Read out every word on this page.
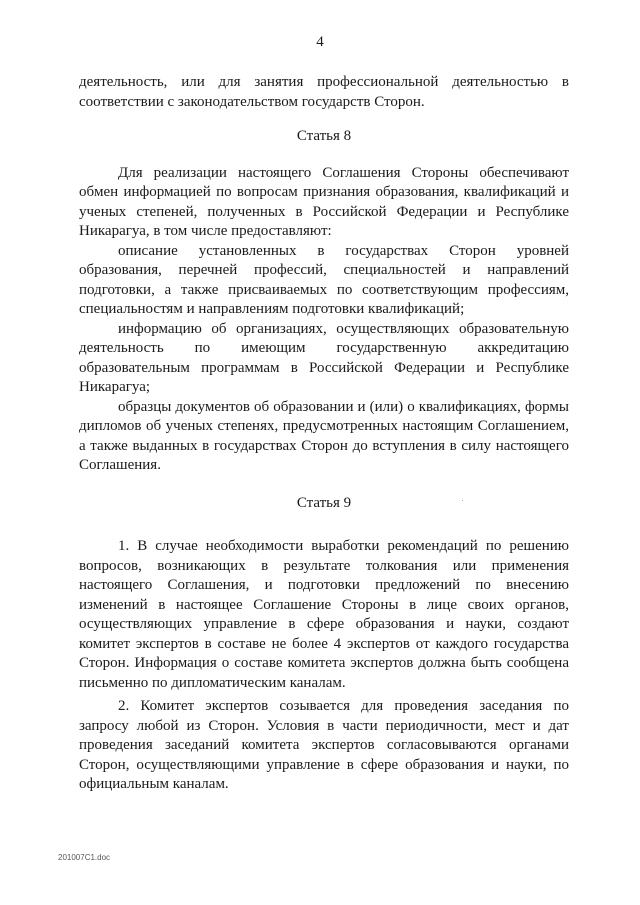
4

деятельность, или для занятия профессиональной деятельностью в соответствии с законодательством государств Сторон.

Статья 8

Для реализации настоящего Соглашения Стороны обеспечивают обмен информацией по вопросам признания образования, квалификаций и ученых степеней, полученных в Российской Федерации и Республике Никарагуа, в том числе предоставляют:

описание установленных в государствах Сторон уровней образования, перечней профессий, специальностей и направлений подготовки, а также присваиваемых по соответствующим профессиям, специальностям и направлениям подготовки квалификаций;

информацию об организациях, осуществляющих образовательную деятельность по имеющим государственную аккредитацию образовательным программам в Российской Федерации и Республике Никарагуа;

образцы документов об образовании и (или) о квалификациях, формы дипломов об ученых степенях, предусмотренных настоящим Соглашением, а также выданных в государствах Сторон до вступления в силу настоящего Соглашения.

Статья 9

1. В случае необходимости выработки рекомендаций по решению вопросов, возникающих в результате толкования или применения настоящего Соглашения, и подготовки предложений по внесению изменений в настоящее Соглашение Стороны в лице своих органов, осуществляющих управление в сфере образования и науки, создают комитет экспертов в составе не более 4 экспертов от каждого государства Сторон. Информация о составе комитета экспертов должна быть сообщена письменно по дипломатическим каналам.

2. Комитет экспертов созывается для проведения заседания по запросу любой из Сторон. Условия в части периодичности, мест и дат проведения заседаний комитета экспертов согласовываются органами Сторон, осуществляющими управление в сфере образования и науки, по официальным каналам.

201007C1.doc
